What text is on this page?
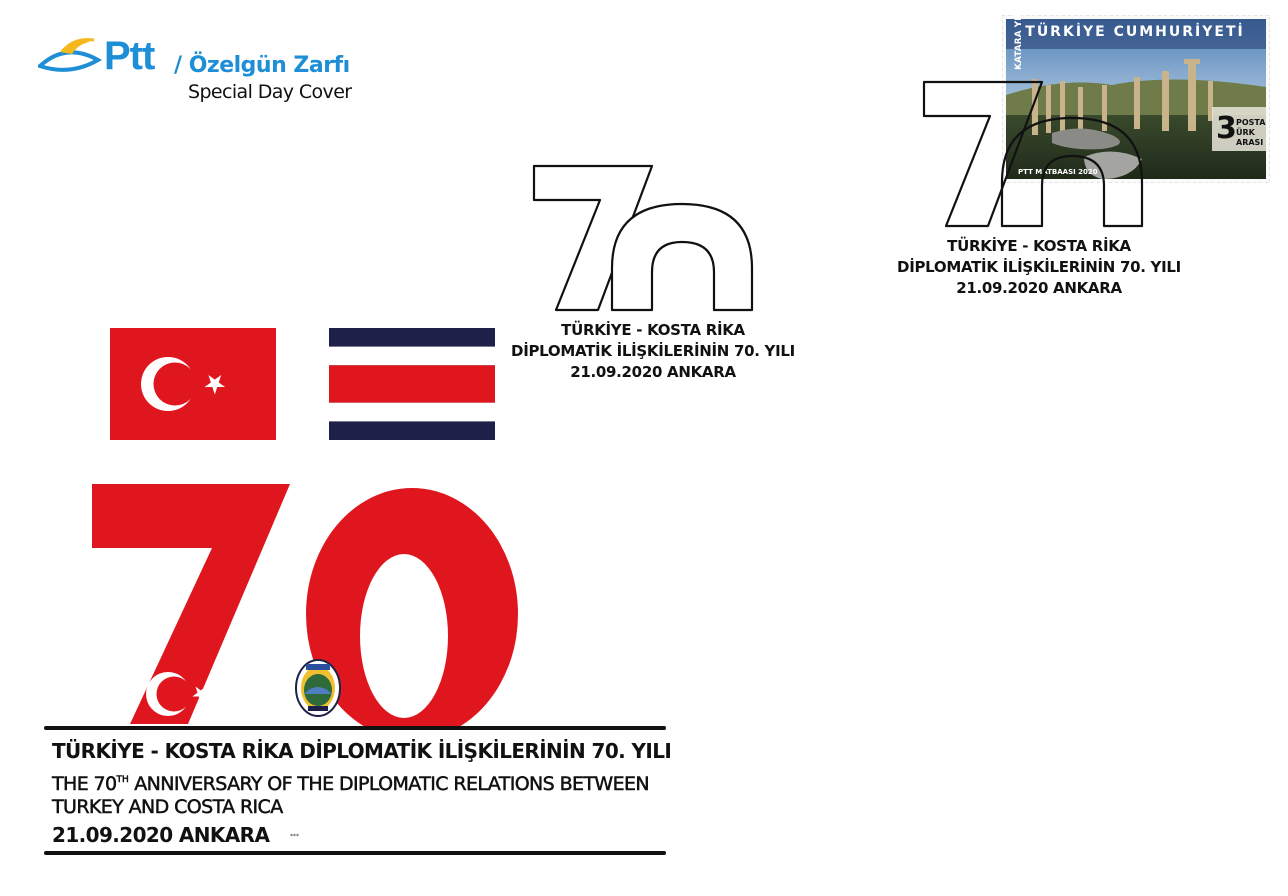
Ptt / Özelgün Zarfı
Special Day Cover
TÜRKİYE - KOSTA RİKA
DİPLOMATİK İLİŞKİLERİNİN 70. YILI
21.09.2020 ANKARA
TÜRKİYE CUMHURİYETİ
KATARA YILI
3 POSTA ÜRK ARASI
PTT MATBAASI 2020
TÜRKİYE - KOSTA RİKA
DİPLOMATİK İLİŞKİLERİNİN 70. YILI
21.09.2020 ANKARA
TÜRKİYE - KOSTA RİKA DİPLOMATİK İLİŞKİLERİNİN 70. YILI
THE 70TH ANNIVERSARY OF THE DIPLOMATIC RELATIONS BETWEEN
TURKEY AND COSTA RICA
21.09.2020 ANKARA	***
